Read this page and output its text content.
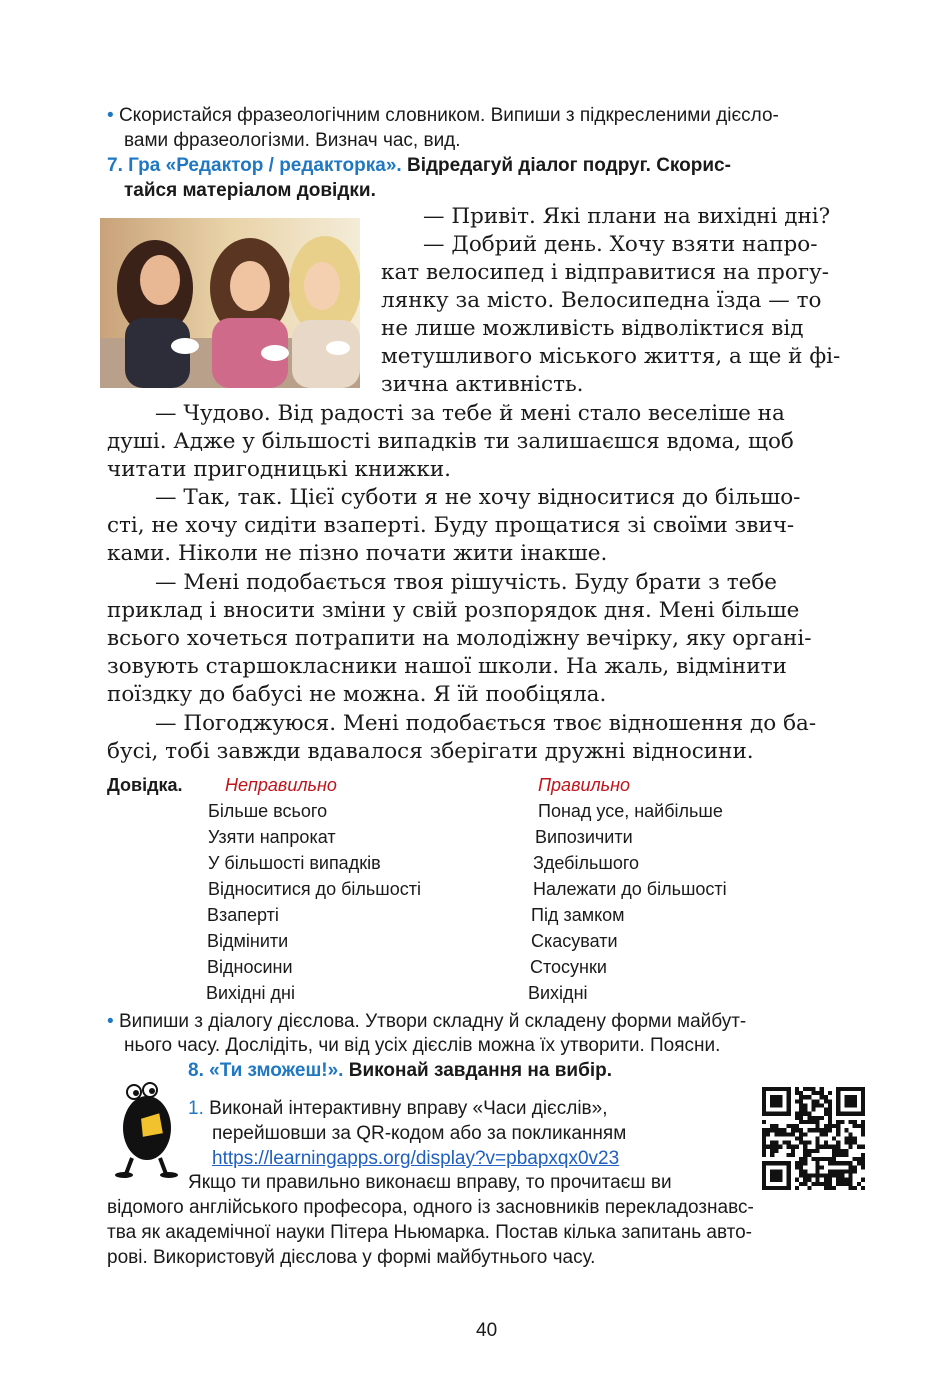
• Скористайся фразеологічним словником. Випиши з підкресленими дієсло-
вами фразеологізми. Визнач час, вид.
7. Гра «Редактор / редакторка». Відредагуй діалог подруг. Скорис-
тайся матеріалом довідки.
— Привіт. Які плани на вихідні дні?
— Добрий день. Хочу взяти напро-
кат велосипед і відправитися на прогу-
лянку за місто. Велосипедна їзда — то
не лише можливість відволіктися від
метушливого міського життя, а ще й фі-
зична активність.
— Чудово. Від радості за тебе й мені стало веселіше на
душі. Адже у більшості випадків ти залишаєшся вдома, щоб
читати пригодницькі книжки.
— Так, так. Цієї суботи я не хочу відноситися до більшо-
сті, не хочу сидіти взаперті. Буду прощатися зі своїми звич-
ками. Ніколи не пізно почати жити інакше.
— Мені подобається твоя рішучість. Буду брати з тебе
приклад і вносити зміни у свій розпорядок дня. Мені більше
всього хочеться потрапити на молодіжну вечірку, яку органі-
зовують старшокласники нашої школи. На жаль, відмінити
поїздку до бабусі не можна. Я їй пообіцяла.
— Погоджуюся. Мені подобається твоє відношення до ба-
бусі, тобі завжди вдавалося зберігати дружні відносини.
Довідка. Неправильно	Правильно
Більше всього	Понад усе, найбільше
Узяти напрокат	Випозичити
У більшості випадків	Здебільшого
Відноситися до більшості	Належати до більшості
Взаперті	Під замком
Відмінити	Скасувати
Відносини	Стосунки
Вихідні дні	Вихідні
• Випиши з діалогу дієслова. Утвори складну й складену форми майбут-
нього часу. Дослідіть, чи від усіх дієслів можна їх утворити. Поясни.
8. «Ти зможеш!». Виконай завдання на вибір.
1. Виконай інтерактивну вправу «Часи дієслів»,
перейшовши за QR-кодом або за покликанням
https://learningapps.org/display?v=pbapxqx0v23
Якщо ти правильно виконаєш вправу, то прочитаєш ви
відомого англійського професора, одного із засновників перекладознавс-
тва як академічної науки Пітера Ньюмарка. Постав кілька запитань авто-
рові. Використовуй дієслова у формі майбутнього часу.
40
